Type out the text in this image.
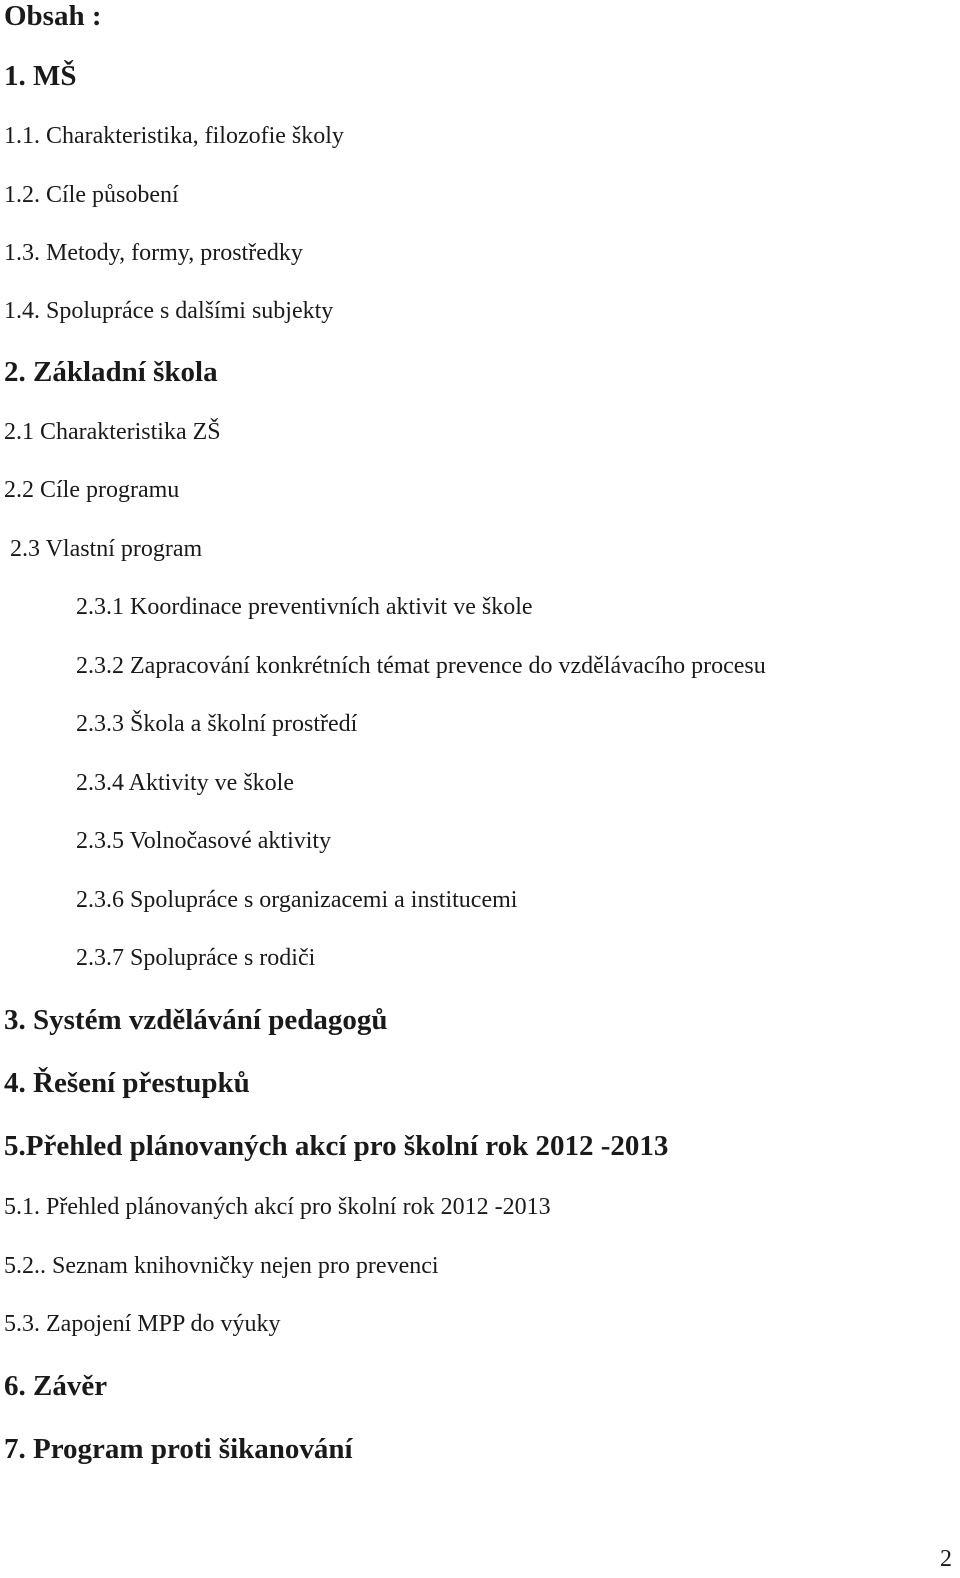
Obsah :
1. MŠ
1.1. Charakteristika, filozofie školy
1.2. Cíle působení
1.3. Metody, formy, prostředky
1.4. Spolupráce s dalšími subjekty
2. Základní škola
2.1 Charakteristika ZŠ
2.2 Cíle programu
2.3 Vlastní program
2.3.1 Koordinace preventivních aktivit ve škole
2.3.2 Zapracování konkrétních témat prevence do vzdělávacího procesu
2.3.3 Škola a školní prostředí
2.3.4 Aktivity ve škole
2.3.5 Volnočasové aktivity
2.3.6 Spolupráce s organizacemi a institucemi
2.3.7 Spolupráce s rodiči
3. Systém vzdělávání pedagogů
4. Řešení přestupků
5.Přehled plánovaných akcí pro školní rok 2012 -2013
5.1. Přehled plánovaných akcí pro školní rok 2012 -2013
5.2.. Seznam knihovničky nejen pro prevenci
5.3. Zapojení MPP do výuky
6. Závěr
7. Program proti šikanování
2
